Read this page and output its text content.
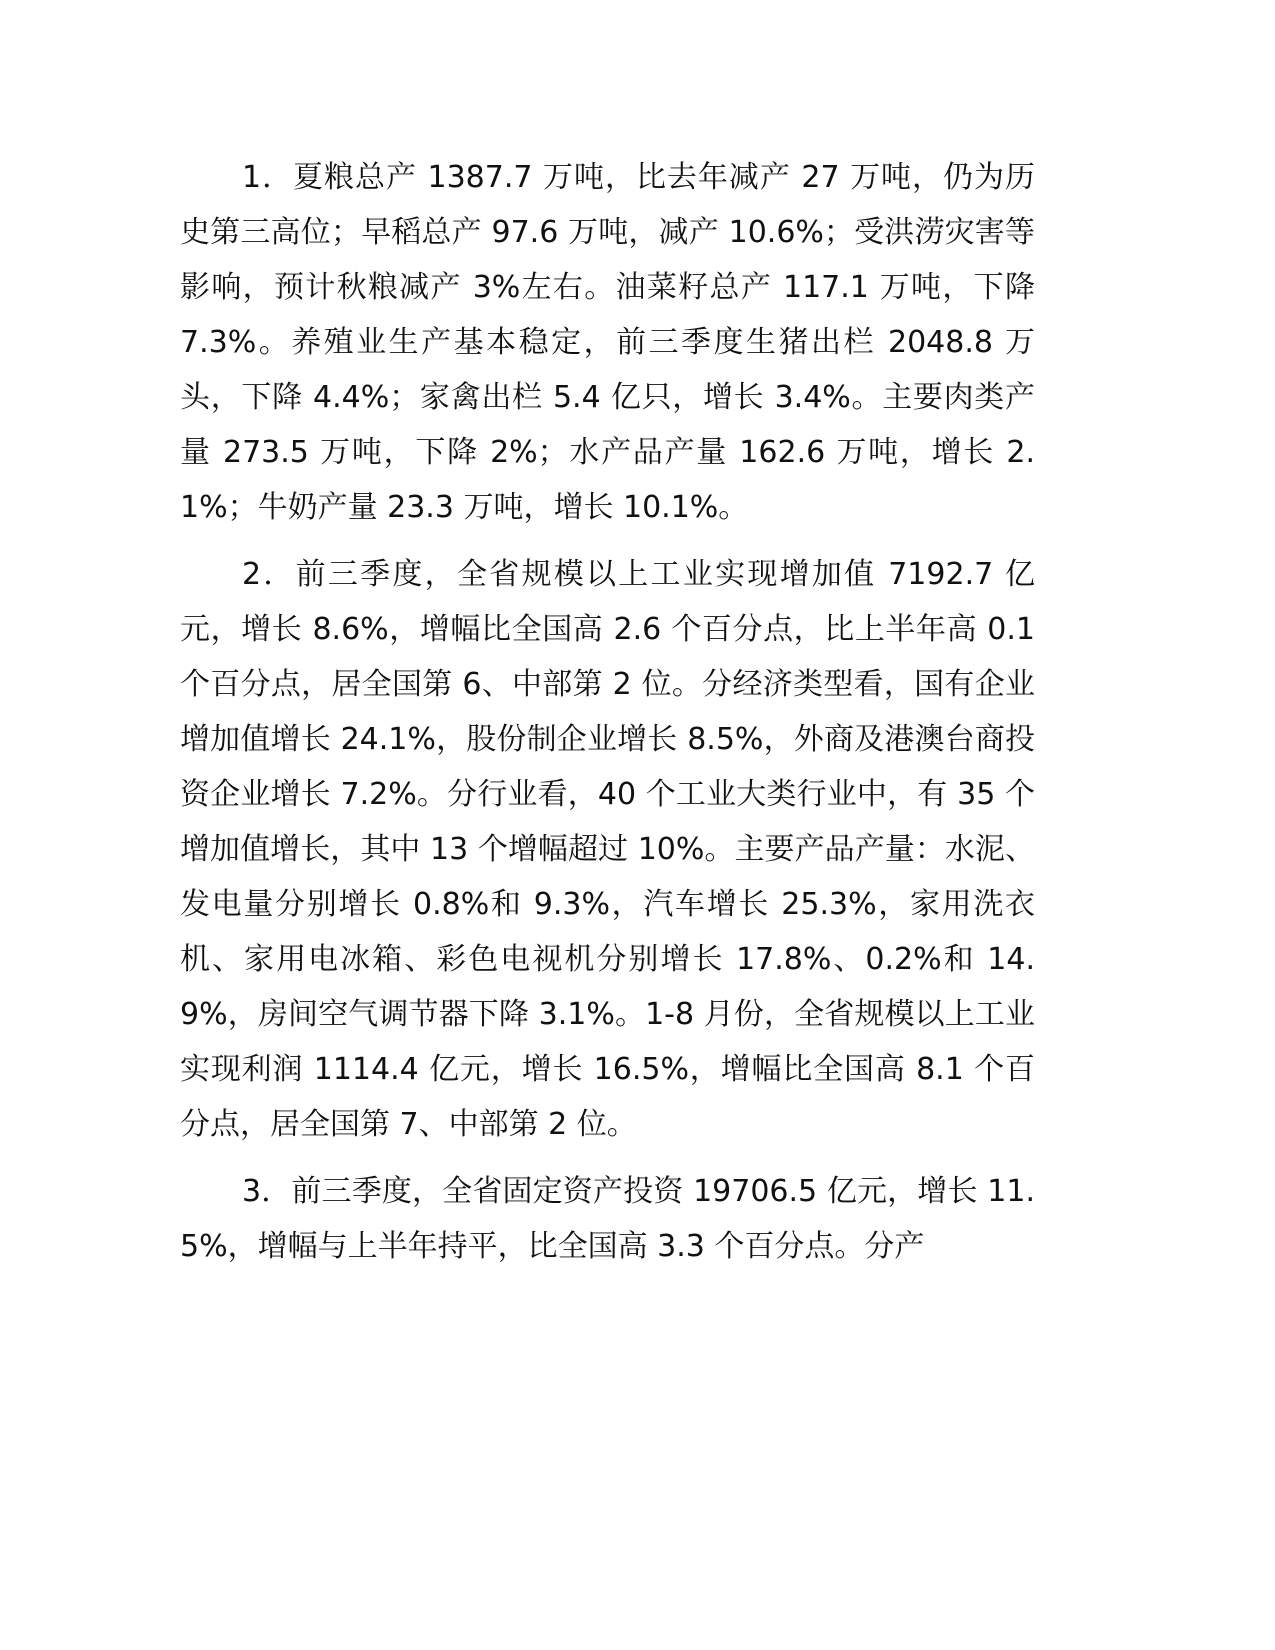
1．夏粮总产 1387.7 万吨，比去年减产 27 万吨，仍为历史第三高位；早稻总产 97.6 万吨，减产 10.6%；受洪涝灾害等影响，预计秋粮减产 3%左右。油菜籽总产 117.1 万吨，下降 7.3%。养殖业生产基本稳定，前三季度生猪出栏 2048.8 万头，下降 4.4%；家禽出栏 5.4 亿只，增长 3.4%。主要肉类产量 273.5 万吨，下降 2%；水产品产量 162.6 万吨，增长 2.1%；牛奶产量 23.3 万吨，增长 10.1%。

2．前三季度，全省规模以上工业实现增加值 7192.7 亿元，增长 8.6%，增幅比全国高 2.6 个百分点，比上半年高 0.1 个百分点，居全国第 6、中部第 2 位。分经济类型看，国有企业增加值增长 24.1%，股份制企业增长 8.5%，外商及港澳台商投资企业增长 7.2%。分行业看，40 个工业大类行业中，有 35 个增加值增长，其中 13 个增幅超过 10%。主要产品产量：水泥、发电量分别增长 0.8%和 9.3%，汽车增长 25.3%，家用洗衣机、家用电冰箱、彩色电视机分别增长 17.8%、0.2%和 14.9%，房间空气调节器下降 3.1%。1-8 月份，全省规模以上工业实现利润 1114.4 亿元，增长 16.5%，增幅比全国高 8.1 个百分点，居全国第 7、中部第 2 位。

3．前三季度，全省固定资产投资 19706.5 亿元，增长 11.5%，增幅与上半年持平，比全国高 3.3 个百分点。分产
